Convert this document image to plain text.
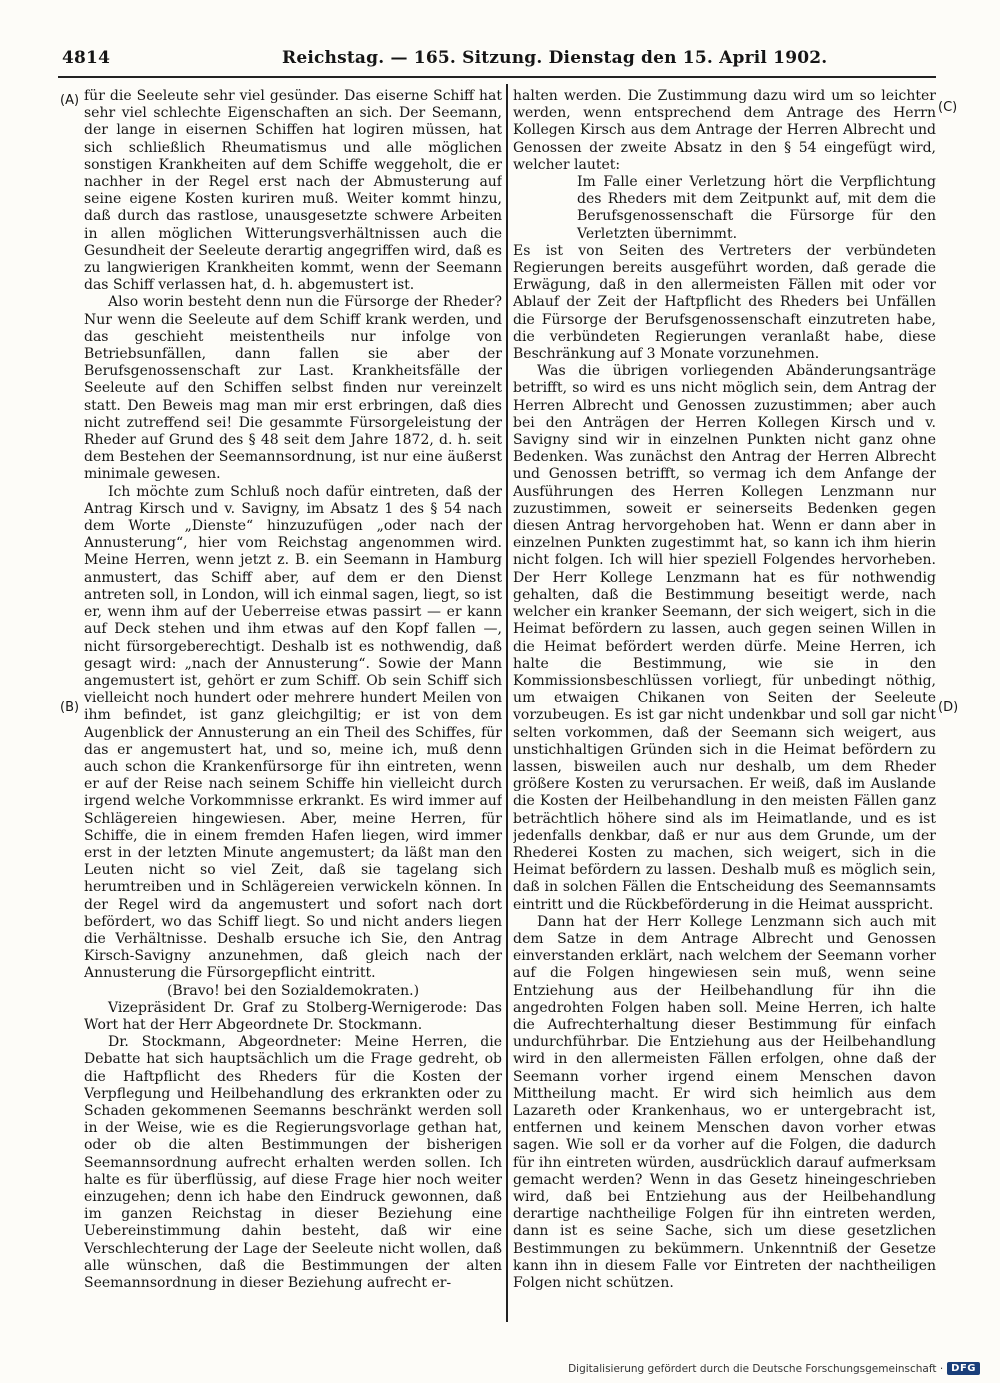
4814	Reichstag. — 165. Sitzung. Dienstag den 15. April 1902.
(A)
(B)
(C)
(D)

für die Seeleute sehr viel gesünder. Das eiserne Schiff hat sehr viel schlechte Eigenschaften an sich. Der Seemann, der lange in eisernen Schiffen hat logiren müssen, hat sich schließlich Rheumatismus und alle möglichen sonstigen Krankheiten auf dem Schiffe weggeholt, die er nachher in der Regel erst nach der Abmusterung auf seine eigene Kosten kuriren muß. Weiter kommt hinzu, daß durch das rastlose, unausgesetzte schwere Arbeiten in allen möglichen Witterungsverhältnissen auch die Gesundheit der Seeleute derartig angegriffen wird, daß es zu langwierigen Krankheiten kommt, wenn der Seemann das Schiff verlassen hat, d. h. abgemustert ist.

Also worin besteht denn nun die Fürsorge der Rheder? Nur wenn die Seeleute auf dem Schiff krank werden, und das geschieht meistentheils nur infolge von Betriebsunfällen, dann fallen sie aber der Berufsgenossenschaft zur Last. Krankheitsfälle der Seeleute auf den Schiffen selbst finden nur vereinzelt statt. Den Beweis mag man mir erst erbringen, daß dies nicht zutreffend sei! Die gesammte Fürsorgeleistung der Rheder auf Grund des § 48 seit dem Jahre 1872, d. h. seit dem Bestehen der Seemannsordnung, ist nur eine äußerst minimale gewesen.

Ich möchte zum Schluß noch dafür eintreten, daß der Antrag Kirsch und v. Savigny, im Absatz 1 des § 54 nach dem Worte „Dienste“ hinzuzufügen „oder nach der Annusterung“, hier vom Reichstag angenommen wird. Meine Herren, wenn jetzt z. B. ein Seemann in Hamburg anmustert, das Schiff aber, auf dem er den Dienst antreten soll, in London, will ich einmal sagen, liegt, so ist er, wenn ihm auf der Ueberreise etwas passirt — er kann auf Deck stehen und ihm etwas auf den Kopf fallen —, nicht fürsorgeberechtigt. Deshalb ist es nothwendig, daß gesagt wird: „nach der Annusterung“. Sowie der Mann angemustert ist, gehört er zum Schiff. Ob sein Schiff sich vielleicht noch hundert oder mehrere hundert Meilen von ihm befindet, ist ganz gleichgiltig; er ist von dem Augenblick der Annusterung an ein Theil des Schiffes, für das er angemustert hat, und so, meine ich, muß denn auch schon die Krankenfürsorge für ihn eintreten, wenn er auf der Reise nach seinem Schiffe hin vielleicht durch irgend welche Vorkommnisse erkrankt. Es wird immer auf Schlägereien hingewiesen. Aber, meine Herren, für Schiffe, die in einem fremden Hafen liegen, wird immer erst in der letzten Minute angemustert; da läßt man den Leuten nicht so viel Zeit, daß sie tagelang sich herumtreiben und in Schlägereien verwickeln können. In der Regel wird da angemustert und sofort nach dort befördert, wo das Schiff liegt. So und nicht anders liegen die Verhältnisse. Deshalb ersuche ich Sie, den Antrag Kirsch-Savigny anzunehmen, daß gleich nach der Annusterung die Fürsorgepflicht eintritt.

(Bravo! bei den Sozialdemokraten.)

Vizepräsident Dr. Graf zu Stolberg-Wernigerode: Das Wort hat der Herr Abgeordnete Dr. Stockmann.

Dr. Stockmann, Abgeordneter: Meine Herren, die Debatte hat sich hauptsächlich um die Frage gedreht, ob die Haftpflicht des Rheders für die Kosten der Verpflegung und Heilbehandlung des erkrankten oder zu Schaden gekommenen Seemanns beschränkt werden soll in der Weise, wie es die Regierungsvorlage gethan hat, oder ob die alten Bestimmungen der bisherigen Seemannsordnung aufrecht erhalten werden sollen. Ich halte es für überflüssig, auf diese Frage hier noch weiter einzugehen; denn ich habe den Eindruck gewonnen, daß im ganzen Reichstag in dieser Beziehung eine Uebereinstimmung dahin besteht, daß wir eine Verschlechterung der Lage der Seeleute nicht wollen, daß alle wünschen, daß die Bestimmungen der alten Seemannsordnung in dieser Beziehung aufrecht er-

halten werden. Die Zustimmung dazu wird um so leichter werden, wenn entsprechend dem Antrage des Herrn Kollegen Kirsch aus dem Antrage der Herren Albrecht und Genossen der zweite Absatz in den § 54 eingefügt wird, welcher lautet:

Im Falle einer Verletzung hört die Verpflichtung des Rheders mit dem Zeitpunkt auf, mit dem die Berufsgenossenschaft die Fürsorge für den Verletzten übernimmt.

Es ist von Seiten des Vertreters der verbündeten Regierungen bereits ausgeführt worden, daß gerade die Erwägung, daß in den allermeisten Fällen mit oder vor Ablauf der Zeit der Haftpflicht des Rheders bei Unfällen die Fürsorge der Berufsgenossenschaft einzutreten habe, die verbündeten Regierungen veranlaßt habe, diese Beschränkung auf 3 Monate vorzunehmen.

Was die übrigen vorliegenden Abänderungsanträge betrifft, so wird es uns nicht möglich sein, dem Antrag der Herren Albrecht und Genossen zuzustimmen; aber auch bei den Anträgen der Herren Kollegen Kirsch und v. Savigny sind wir in einzelnen Punkten nicht ganz ohne Bedenken. Was zunächst den Antrag der Herren Albrecht und Genossen betrifft, so vermag ich dem Anfange der Ausführungen des Herren Kollegen Lenzmann nur zuzustimmen, soweit er seinerseits Bedenken gegen diesen Antrag hervorgehoben hat. Wenn er dann aber in einzelnen Punkten zugestimmt hat, so kann ich ihm hierin nicht folgen. Ich will hier speziell Folgendes hervorheben. Der Herr Kollege Lenzmann hat es für nothwendig gehalten, daß die Bestimmung beseitigt werde, nach welcher ein kranker Seemann, der sich weigert, sich in die Heimat befördern zu lassen, auch gegen seinen Willen in die Heimat befördert werden dürfe. Meine Herren, ich halte die Bestimmung, wie sie in den Kommissionsbeschlüssen vorliegt, für unbedingt nöthig, um etwaigen Chikanen von Seiten der Seeleute vorzubeugen. Es ist gar nicht undenkbar und soll gar nicht selten vorkommen, daß der Seemann sich weigert, aus unstichhaltigen Gründen sich in die Heimat befördern zu lassen, bisweilen auch nur deshalb, um dem Rheder größere Kosten zu verursachen. Er weiß, daß im Auslande die Kosten der Heilbehandlung in den meisten Fällen ganz beträchtlich höhere sind als im Heimatlande, und es ist jedenfalls denkbar, daß er nur aus dem Grunde, um der Rhederei Kosten zu machen, sich weigert, sich in die Heimat befördern zu lassen. Deshalb muß es möglich sein, daß in solchen Fällen die Entscheidung des Seemannsamts eintritt und die Rückbeförderung in die Heimat ausspricht.

Dann hat der Herr Kollege Lenzmann sich auch mit dem Satze in dem Antrage Albrecht und Genossen einverstanden erklärt, nach welchem der Seemann vorher auf die Folgen hingewiesen sein muß, wenn seine Entziehung aus der Heilbehandlung für ihn die angedrohten Folgen haben soll. Meine Herren, ich halte die Aufrechterhaltung dieser Bestimmung für einfach undurchführbar. Die Entziehung aus der Heilbehandlung wird in den allermeisten Fällen erfolgen, ohne daß der Seemann vorher irgend einem Menschen davon Mittheilung macht. Er wird sich heimlich aus dem Lazareth oder Krankenhaus, wo er untergebracht ist, entfernen und keinem Menschen davon vorher etwas sagen. Wie soll er da vorher auf die Folgen, die dadurch für ihn eintreten würden, ausdrücklich darauf aufmerksam gemacht werden? Wenn in das Gesetz hineingeschrieben wird, daß bei Entziehung aus der Heilbehandlung derartige nachtheilige Folgen für ihn eintreten werden, dann ist es seine Sache, sich um diese gesetzlichen Bestimmungen zu bekümmern. Unkenntniß der Gesetze kann ihn in diesem Falle vor Eintreten der nachtheiligen Folgen nicht schützen.

Digitalisierung gefördert durch die Deutsche Forschungsgemeinschaft · DFG
